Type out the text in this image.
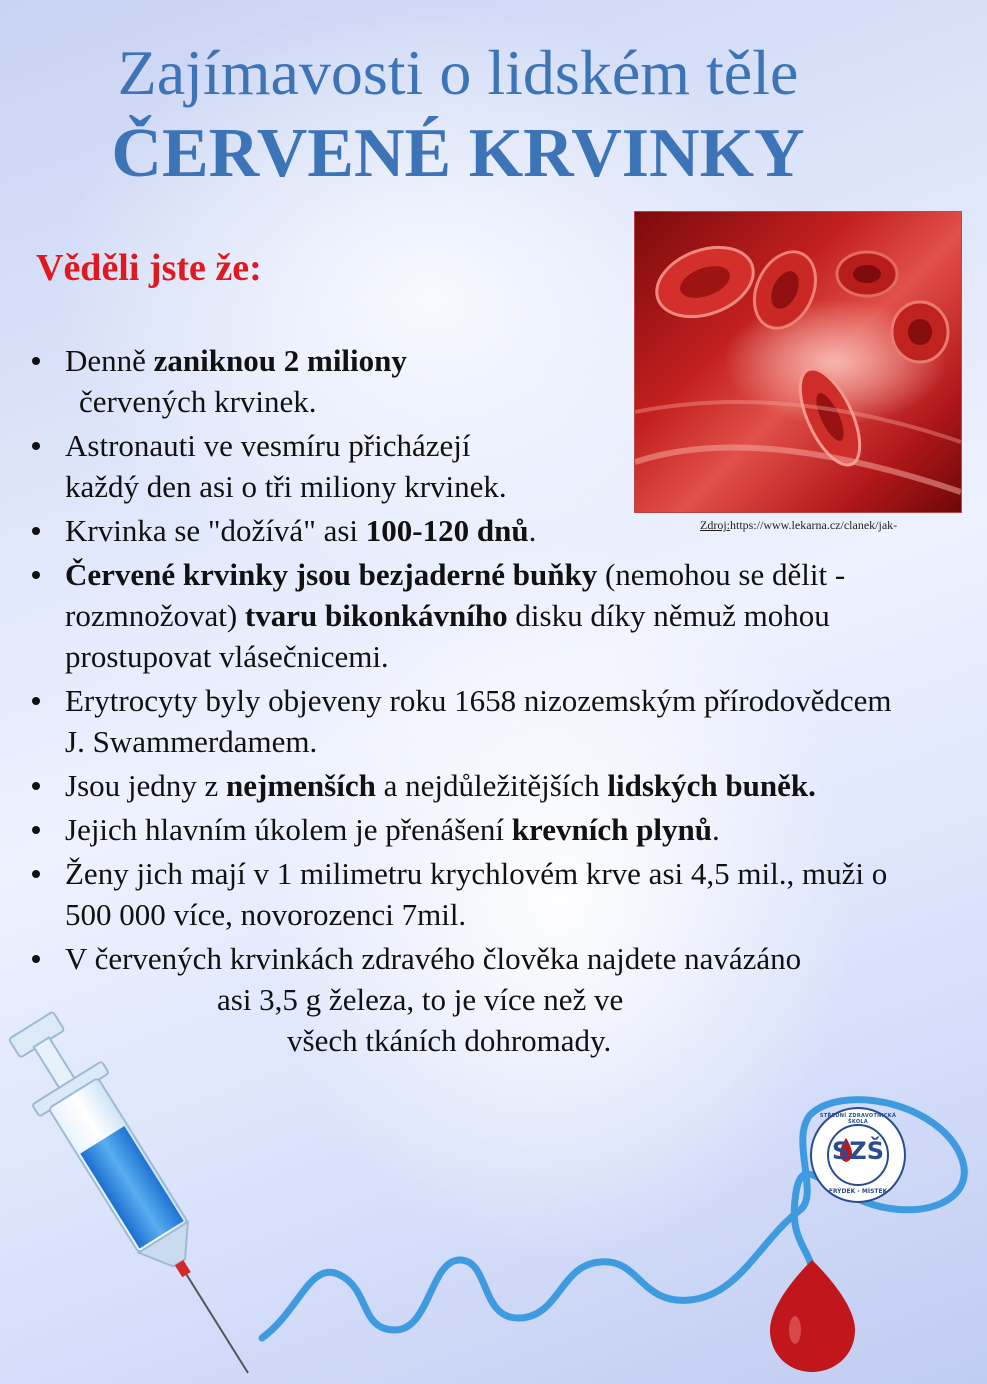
Zajímavosti o lidském těle
ČERVENÉ KRVINKY
Věděli jste že:
Zdroj:https://www.lekarna.cz/clanek/jak-
Denně zaniknou 2 miliony
červených krvinek.
Astronauti ve vesmíru přicházejí
každý den asi o tři miliony krvinek.
Krvinka se "dožívá" asi 100-120 dnů.
Červené krvinky jsou bezjaderné buňky (nemohou se dělit - rozmnožovat) tvaru bikonkávního disku díky němuž mohou prostupovat vlásečnicemi.
Erytrocyty byly objeveny roku 1658 nizozemským přírodovědcem J. Swammerdamem.
Jsou jedny z nejmenších a nejdůležitějších lidských buněk.
Jejich hlavním úkolem je přenášení krevních plynů.
Ženy jich mají v 1 milimetru krychlovém krve asi 4,5 mil., muži o 500 000 více, novorozenci 7mil.
V červených krvinkách zdravého člověka najdete navázáno
asi 3,5 g železa, to je více než ve
všech tkáních dohromady.
SZŠ
STŘEDNÍ ZDRAVOTNICKÁ ŠKOLA
FRÝDEK - MÍSTEK
